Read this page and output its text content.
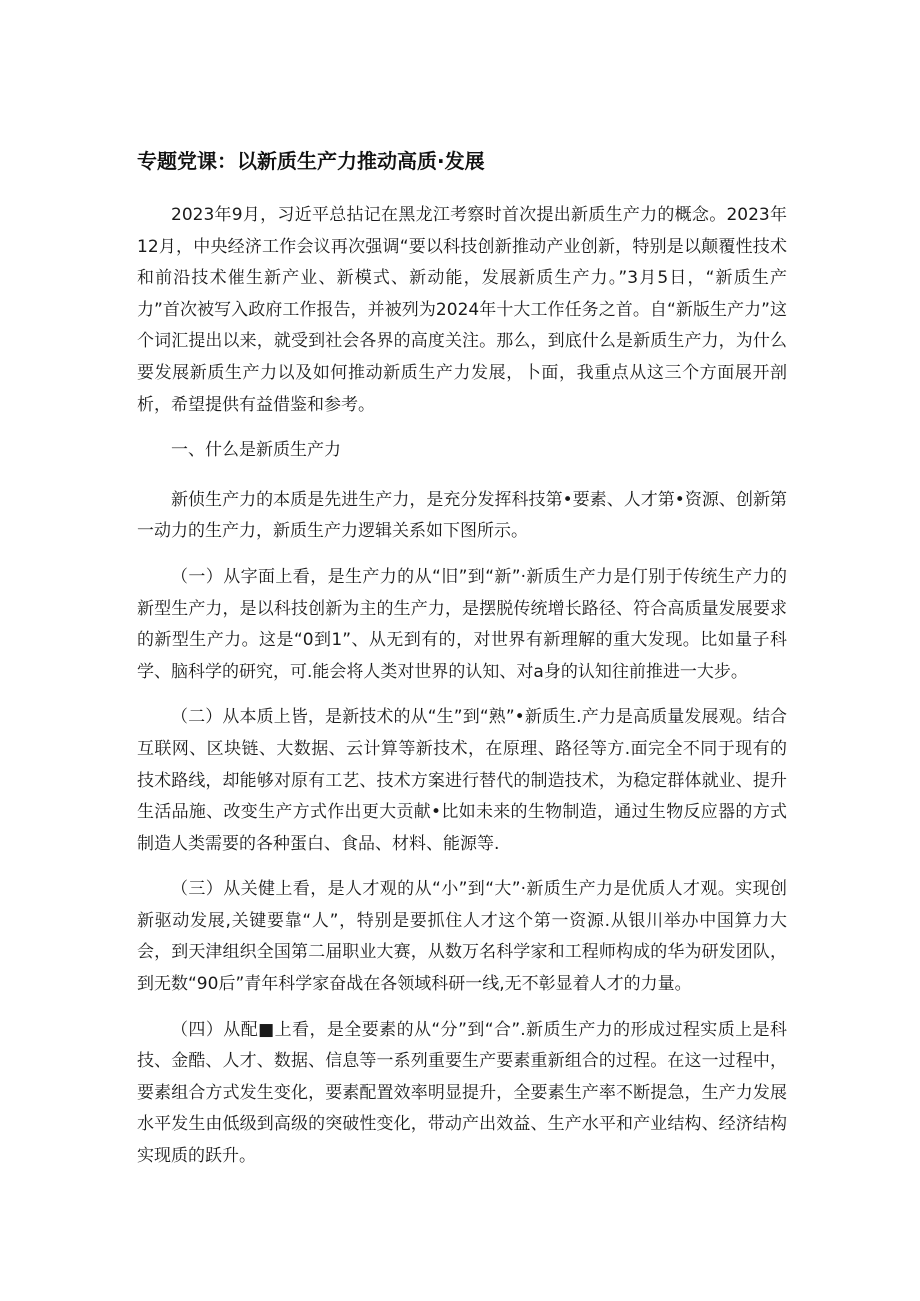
专题党课：以新质生产力推动高质·发展

2023年9月，习近平总拈记在黑龙江考察时首次提出新质生产力的概念。2023年12月，中央经济工作会议再次强调“要以科技创新推动产业创新，特别是以颠覆性技术和前沿技术催生新产业、新模式、新动能，发展新质生产力。”3月5日，“新质生产力”首次被写入政府工作报告，并被列为2024年十大工作任务之首。自“新版生产力”这个词汇提出以来，就受到社会各界的高度关注。那么，到底什么是新质生产力，为什么要发展新质生产力以及如何推动新质生产力发展，卜面，我重点从这三个方面展开剖析，希望提供有益借鉴和参考。

一、什么是新质生产力

新侦生产力的本质是先进生产力，是充分发挥科技第•要素、人才第•资源、创新第一动力的生产力，新质生产力逻辑关系如下图所示。

（一）从字面上看，是生产力的从“旧”到“新”·新质生产力是仃别于传统生产力的新型生产力，是以科技创新为主的生产力，是摆脱传统增长路径、符合高质量发展要求的新型生产力。这是“0到1”、从无到有的，对世界有新理解的重大发现。比如量子科学、脑科学的研究，可.能会将人类对世界的认知、对a身的认知往前推进一大步。

（二）从本质上皆，是新技术的从“生”到“熟”•新质生.产力是高质量发展观。结合互联网、区块链、大数据、云计算等新技术，在原理、路径等方.面完全不同于现有的技术路线，却能够对原有工艺、技术方案进行替代的制造技术，为稳定群体就业、提升生活品施、改变生产方式作出更大贡献•比如未来的生物制造，通过生物反应器的方式制造人类需要的各种蛋白、食品、材料、能源等.

（三）从关健上看，是人才观的从“小”到“大”·新质生产力是优质人才观。实现创新驱动发展,关键要靠“人”，特别是要抓住人才这个第一资源.从银川举办中国算力大会，到天津组织全国第二届职业大赛，从数万名科学家和工程师构成的华为研发团队，到无数“90后”青年科学家奋战在各领域科研一线,无不彰显着人才的力量。

（四）从配■上看，是全要素的从“分”到“合”.新质生产力的形成过程实质上是科技、金酷、人才、数据、信息等一系列重要生产要素重新组合的过程。在这一过程中，要素组合方式发生变化，要素配置效率明显提升，全要素生产率不断提急，生产力发展水平发生由低级到高级的突破性变化，带动产出效益、生产水平和产业结构、经济结构实现质的跃升。
